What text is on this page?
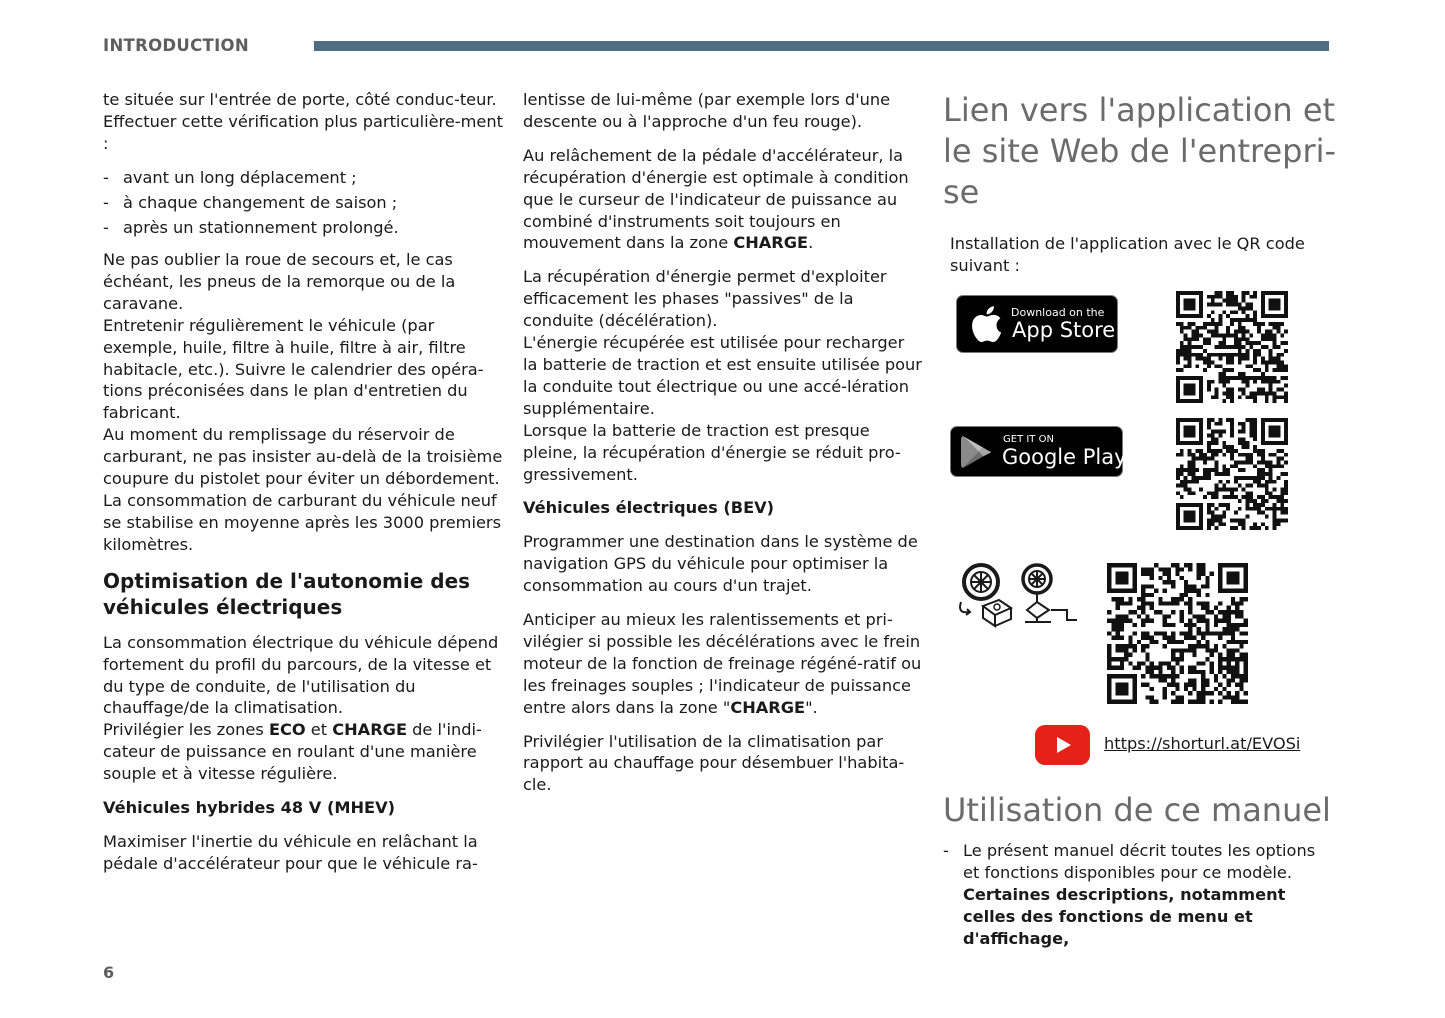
INTRODUCTION

te située sur l'entrée de porte, côté conduc-teur.

Effectuer cette vérification plus particulière-ment :

- avant un long déplacement ;
- à chaque changement de saison ;
- après un stationnement prolongé.

Ne pas oublier la roue de secours et, le cas échéant, les pneus de la remorque ou de la caravane.

Entretenir régulièrement le véhicule (par exemple, huile, filtre à huile, filtre à air, filtre habitacle, etc.). Suivre le calendrier des opéra-tions préconisées dans le plan d'entretien du fabricant.

Au moment du remplissage du réservoir de carburant, ne pas insister au-delà de la troisième coupure du pistolet pour éviter un débordement.

La consommation de carburant du véhicule neuf se stabilise en moyenne après les 3000 premiers kilomètres.

Optimisation de l'autonomie des véhicules électriques

La consommation électrique du véhicule dépend fortement du profil du parcours, de la vitesse et du type de conduite, de l'utilisation du chauffage/de la climatisation.

Privilégier les zones ECO et CHARGE de l'indi-cateur de puissance en roulant d'une manière souple et à vitesse régulière.

Véhicules hybrides 48 V (MHEV)

Maximiser l'inertie du véhicule en relâchant la pédale d'accélérateur pour que le véhicule ra-

lentisse de lui-même (par exemple lors d'une descente ou à l'approche d'un feu rouge).

Au relâchement de la pédale d'accélérateur, la récupération d'énergie est optimale à condition que le curseur de l'indicateur de puissance au combiné d'instruments soit toujours en mouvement dans la zone CHARGE.

La récupération d'énergie permet d'exploiter efficacement les phases "passives" de la conduite (décélération).

L'énergie récupérée est utilisée pour recharger la batterie de traction et est ensuite utilisée pour la conduite tout électrique ou une accé-lération supplémentaire.

Lorsque la batterie de traction est presque pleine, la récupération d'énergie se réduit pro-gressivement.

Véhicules électriques (BEV)

Programmer une destination dans le système de navigation GPS du véhicule pour optimiser la consommation au cours d'un trajet.

Anticiper au mieux les ralentissements et pri-vilégier si possible les décélérations avec le frein moteur de la fonction de freinage régéné-ratif ou les freinages souples ; l'indicateur de puissance entre alors dans la zone "CHARGE".

Privilégier l'utilisation de la climatisation par rapport au chauffage pour désembuer l'habita-cle.

Lien vers l'application et le site Web de l'entrepri-se
Installation de l'application avec le QR code suivant :
Download on the
App Store
GET IT ON
Google Play
https://shorturl.at/EVOSi
Utilisation de ce manuel
- Le présent manuel décrit toutes les options et fonctions disponibles pour ce modèle. Certaines descriptions, notamment celles des fonctions de menu et d'affichage,
6
